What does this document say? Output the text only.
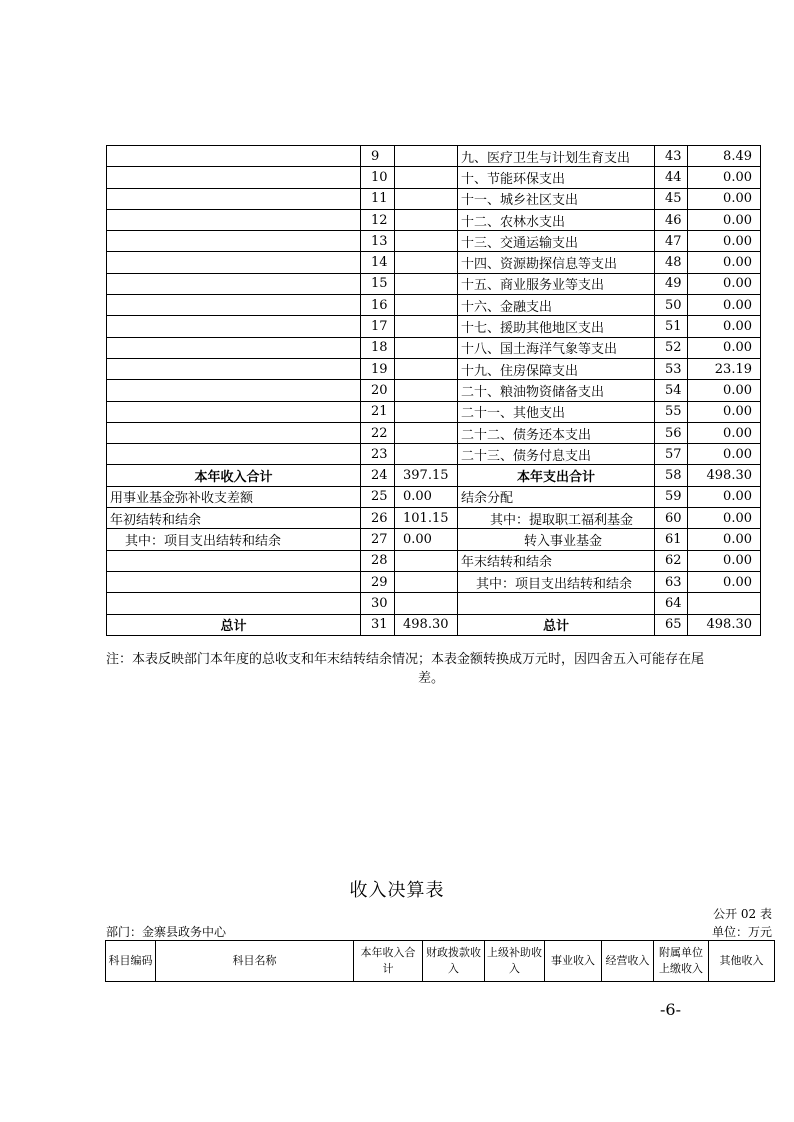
	9		九、医疗卫生与计划生育支出	43	8.49
	10		十、节能环保支出	44	0.00
	11		十一、城乡社区支出	45	0.00
	12		十二、农林水支出	46	0.00
	13		十三、交通运输支出	47	0.00
	14		十四、资源勘探信息等支出	48	0.00
	15		十五、商业服务业等支出	49	0.00
	16		十六、金融支出	50	0.00
	17		十七、援助其他地区支出	51	0.00
	18		十八、国土海洋气象等支出	52	0.00
	19		十九、住房保障支出	53	23.19
	20		二十、粮油物资储备支出	54	0.00
	21		二十一、其他支出	55	0.00
	22		二十二、债务还本支出	56	0.00
	23		二十三、债务付息支出	57	0.00
本年收入合计	24	397.15	本年支出合计	58	498.30
用事业基金弥补收支差额	25	0.00	结余分配	59	0.00
年初结转和结余	26	101.15	其中：提取职工福利基金	60	0.00
其中：项目支出结转和结余	27	0.00	转入事业基金	61	0.00
	28		年末结转和结余	62	0.00
	29		其中：项目支出结转和结余	63	0.00
	30			64	
总计	31	498.30	总计	65	498.30
注：本表反映部门本年度的总收支和年末结转结余情况；本表金额转换成万元时，因四舍五入可能存在尾
差。
收入决算表
公开 02 表
部门：金寨县政务中心	单位：万元
科目编码	科目名称	本年收入合计	财政拨款收入	上级补助收入	事业收入	经营收入	附属单位上缴收入	其他收入
-6-
